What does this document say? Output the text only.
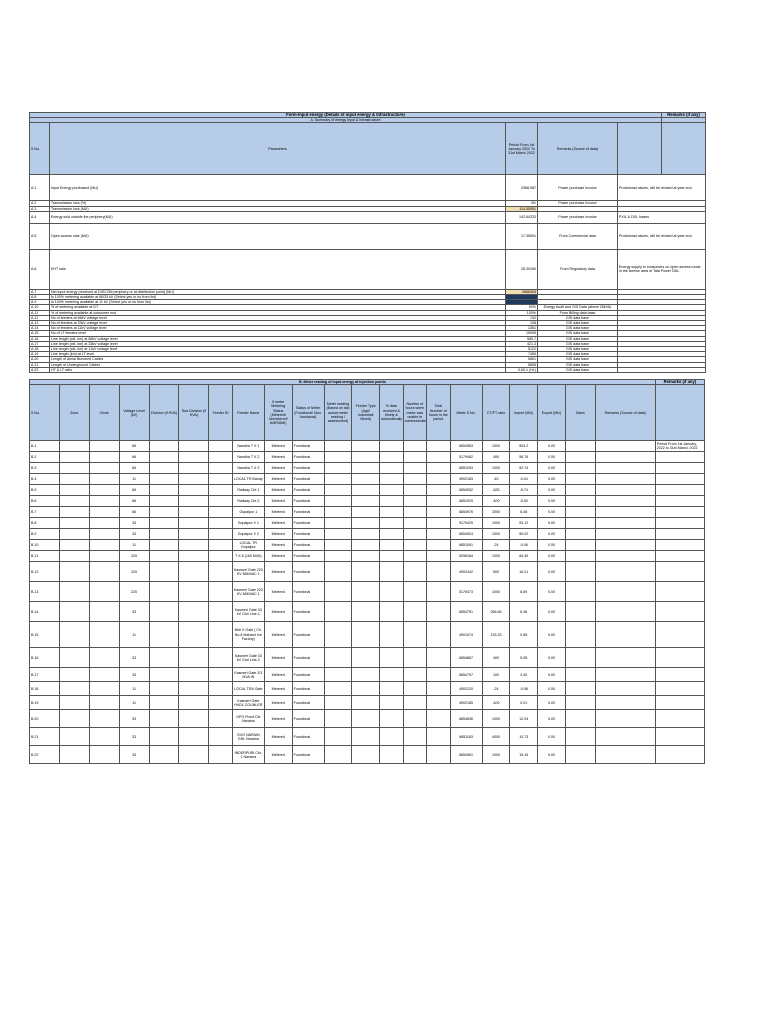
Form-Input energy (Details of input energy & Infrastructure)					Remarks (if any)
A. Summary of energy input & Infrastructure					
S.No.	Parameters	Period From 1st January 2022 To 31st March 2022	Remarks (Source of data)		
A.1	Input Energy purchased (MU)	2968.987	Power purchase Invoice	Provisional values, will be revised at year end.	
A.2	Transmission loss (%)	4%	Power purchase Invoice		
A.3	Transmission loss (MU)	114.55951			
A.4	Energy sold outside the periphery(MU)	142.64233	Power purchase Invoice	PXIL & DSL losses	
A.5	Open access sale (MU)	17.35091	From Commercial data	Provisional values, will be revised at year end.	
A.6	EHT sale	28.30160	From Regulatory data	Energy supply to consumers on open access mode, in the license area of Tata Power DDL	
A.7	Net input energy (received at DISCOM periphery or at distribution point) (MU)	2666305			
A.8	Is 100% metering available at 66/33 kV (Select yes or no from list)				
A.9	Is 100% metering available at 11 kV (Select yes or no from list)				
A.10	% of metering available at DT	92%	Energy Audit and GIS Data (above 25kVA)		
A.11	% of metering available at consumer end	100%	From Billing data base		
A.12	No of feeders at 66kV voltage level	132	GIS data base		
A.13	No of feeders at 33kV voltage level	108	GIS data base		
A.14	No of feeders at 11kV voltage level	1361	GIS data base		
A.15	No of LT feeders level	15095	GIS data base		
A.16	Line length (ckt. km) at 66kV voltage level	585.7	GIS data base		
A.17	Line length (ckt. km) at 33kV voltage level	421.3	GIS data base		
A.18	Line length (ckt. km) at 11kV voltage level	5122	GIS data base		
A.19	Line length (km) at LT level	7485	GIS data base		
A.20	Length of Aerial Bunched Cables	5661	GIS data base		
A.21	Length of Underground Cables	5855	GIS data base		
A.22	HT & LT ratio	0.60:1 (HL)	GIS data base		
B. Meter reading of input energy at injection points																					Remarks (if any)
S.No.	Zone	Circle	Voltage Level (kV)	Division (if HVA)	Sub-Division (if HVA)	Feeder ID	Feeder Name	If meter Metering Status (Metered/ Unmetered/ AMR/AMI)	Status of Meter (Functional/ Non-functional)	Meter reading (Based on last actual meter reading / assessment)	Feeder Type (Agri/ Industrial/ Mixed)	% data received & timely & automatically	Number of hours when meter was unable to communicate	Total Number of hours in the period	Meter S.No.	CT/PT ratio	Import (MU)	Export (MU)	Sales	Remarks (Source of data)	
B.1			66				Nandha T X 1	Metered	Functional						6854963	1000	503.2	0.00			Period From 1st January, 2022 to 31st March, 2022
B.2			66				Nandha T X 2	Metered	Functional						5179462	400	56.76	0.00			
B.3			66				Nandha T X 3	Metered	Functional						6851053	1000	52.74	0.00			
B.4			11				LOCAL TR Bandy	Metered	Functional						4902183	-40	-0.04	0.00			
B.5			66				Railway Ckt 1	Metered	Functional						6854052	-625	-5.74	0.00			
B.6			66				Railway Ckt 2	Metered	Functional						6851029	-400	-5.50	0.00			
B.7			66				Gopalpur 1	Metered	Functional						6854976	2000	6.46	0.00			
B.8			33				Gopalpur X 1	Metered	Functional						5179429	1000	53.12	0.00			
B.9			33				Gopalpur X 2	Metered	Functional						6854924	1000	50.02	0.00			
B.10			11				LOCAL TR Gopalpur	Metered	Functional						6851091	-24	-0.06	0.00			
B.11			220				T X 8 (160 MVA)	Metered	Functional						5296184	1000	84.49	0.00			
B.12			220				Kasmeri Gate 220 KV 66MVAC 1	Metered	Functional						4902442	500	16.21	0.00			
B.13			220				Kasmeri Gate 220 KV 66MVAC 1	Metered	Functional						5179473	1000	8.69	0.00			
B.14			33				Kasmeri Gate 33 kV Civil Line-1	Metered	Functional						6854791	266.66	6.36	0.00			
B.15			11				Bldr X Gate ( Ch. No.8 Mahavir Ice Factory)	Metered	Functional						4901074	133.33	0.85	0.00			
B.16			33				Kasmeri Gate 33 kV Civil Line-2	Metered	Functional						6854867	400	5.95	0.00			
B.17			33				Kasmeri Gate 2/3 MVA IN	Metered	Functional						6854797	100	4.30	0.00			
B.18			11				LOCAL TRA Gate	Metered	Functional						4902120	-24	-0.08	0.00			
B.19			11				Kasmeri Gate HVDL COUNLER	Metered	Functional						4902185	-400	0.01	0.00			
B.20			33				GPO Fixed Ckt Naraina	Metered	Functional						6854836	1000	12.04	0.00			
B.21			33				GVG NARAIN GHL Naraina	Metered	Functional						6851183	4000	10.73	0.00			
B.22			33				INDERPURI Ckt-1 Naraina	Metered	Functional						6854961	1000	15.15	0.00			
